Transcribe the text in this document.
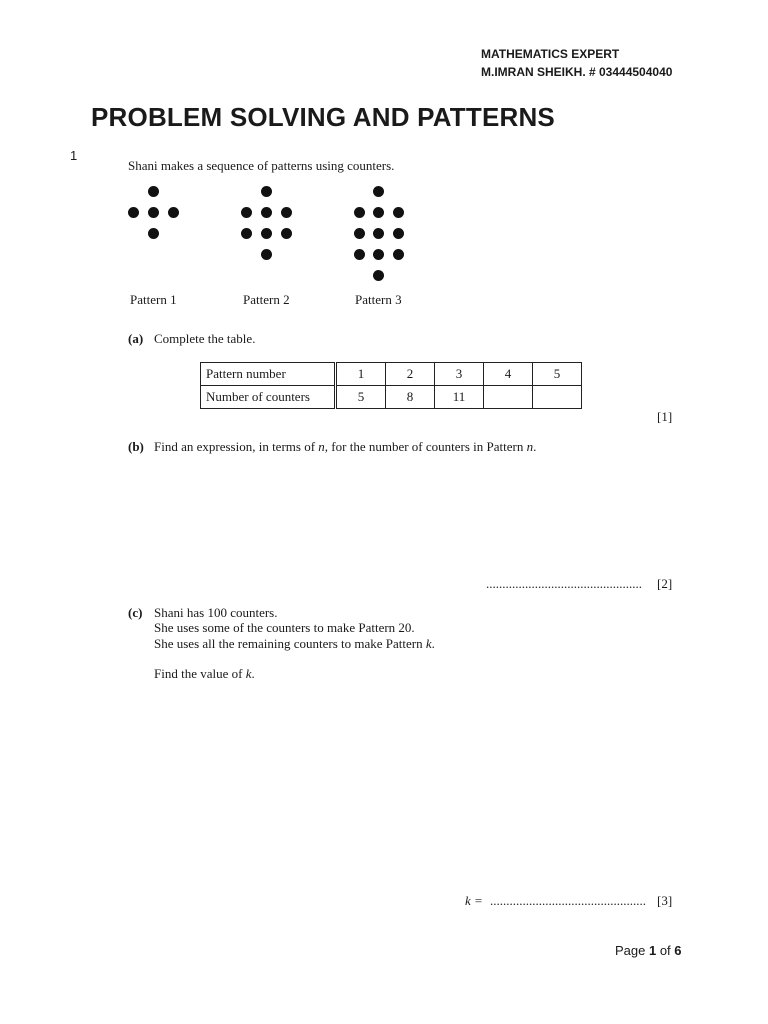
MATHEMATICS EXPERT
M.IMRAN SHEIKH. # 03444504040
PROBLEM SOLVING AND PATTERNS
1
Shani makes a sequence of patterns using counters.
Pattern 1	Pattern 2	Pattern 3
(a) Complete the table.
Pattern number	1	2	3	4	5
Number of counters	5	8	11		
[1]
(b) Find an expression, in terms of n, for the number of counters in Pattern n.
................................................ [2]
(c) Shani has 100 counters.
She uses some of the counters to make Pattern 20.
She uses all the remaining counters to make Pattern k.
Find the value of k.
k = ................................................ [3]
Page 1 of 6
